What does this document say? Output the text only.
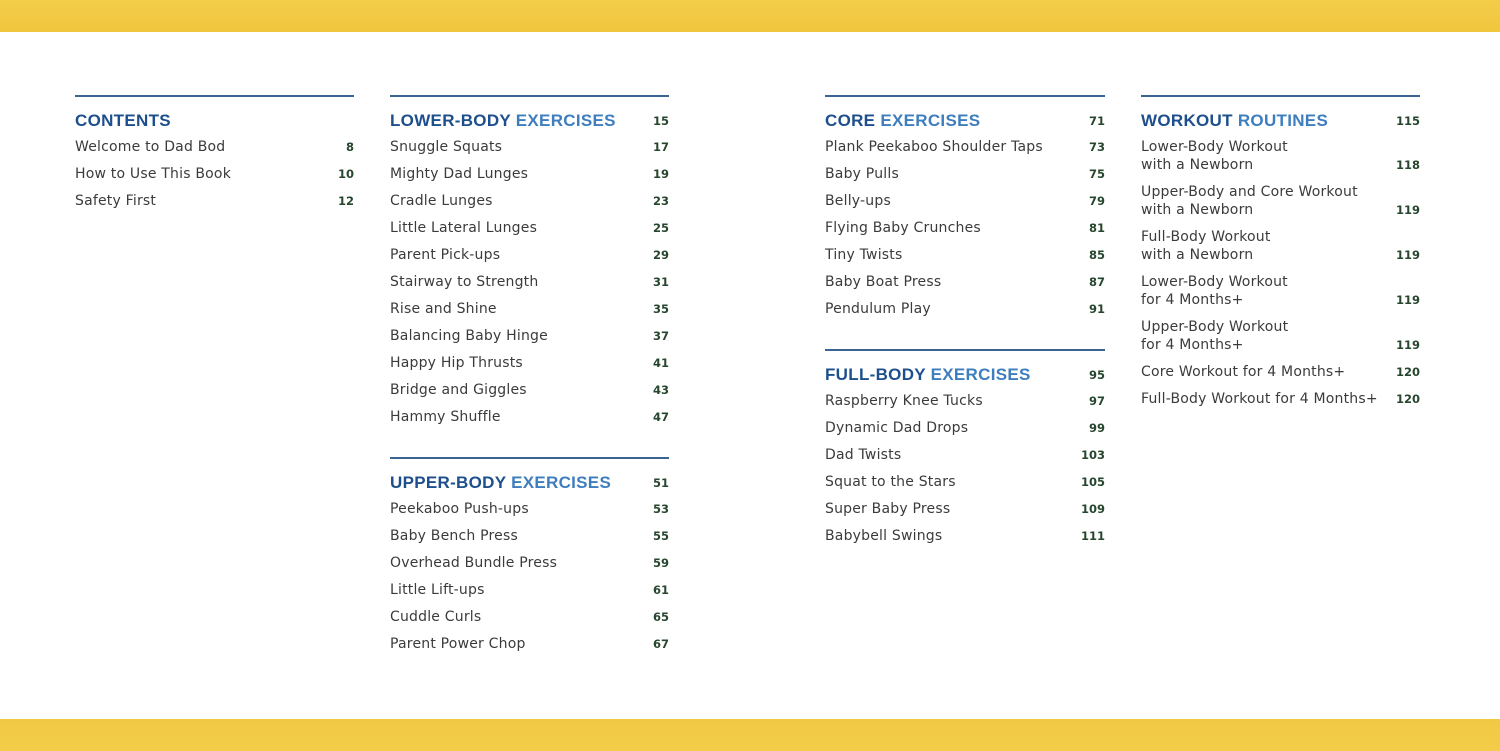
CONTENTS
Welcome to Dad Bod	8
How to Use This Book	10
Safety First	12
LOWER-BODY EXERCISES	15
Snuggle Squats	17
Mighty Dad Lunges	19
Cradle Lunges	23
Little Lateral Lunges	25
Parent Pick-ups	29
Stairway to Strength	31
Rise and Shine	35
Balancing Baby Hinge	37
Happy Hip Thrusts	41
Bridge and Giggles	43
Hammy Shuffle	47
UPPER-BODY EXERCISES	51
Peekaboo Push-ups	53
Baby Bench Press	55
Overhead Bundle Press	59
Little Lift-ups	61
Cuddle Curls	65
Parent Power Chop	67
CORE EXERCISES	71
Plank Peekaboo Shoulder Taps	73
Baby Pulls	75
Belly-ups	79
Flying Baby Crunches	81
Tiny Twists	85
Baby Boat Press	87
Pendulum Play	91
FULL-BODY EXERCISES	95
Raspberry Knee Tucks	97
Dynamic Dad Drops	99
Dad Twists	103
Squat to the Stars	105
Super Baby Press	109
Babybell Swings	111
WORKOUT ROUTINES	115
Lower-Body Workout
with a Newborn	118
Upper-Body and Core Workout
with a Newborn	119
Full-Body Workout
with a Newborn	119
Lower-Body Workout
for 4 Months+	119
Upper-Body Workout
for 4 Months+	119
Core Workout for 4 Months+	120
Full-Body Workout for 4 Months+ 120
